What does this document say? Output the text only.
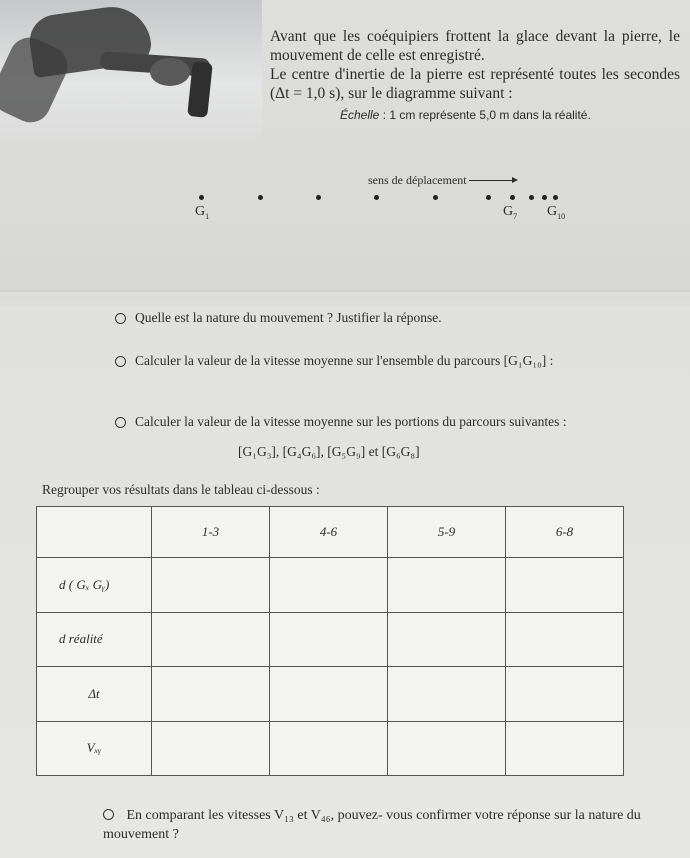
Avant que les coéquipiers frottent la glace devant la pierre, le mouvement de celle est enregistré.

Le centre d'inertie de la pierre est représenté toutes les secondes (Δt = 1,0 s), sur le diagramme suivant :

Échelle : 1 cm représente 5,0 m dans la réalité.
sens de déplacement
$G_1$	$G_7$ $G_{10}$
Quelle est la nature du mouvement ? Justifier la réponse.
Calculer la valeur de la vitesse moyenne sur l'ensemble du parcours [G₁G₁₀] :
Calculer la valeur de la vitesse moyenne sur les portions du parcours suivantes :
[G₁G₃], [G₄G₆], [G₅G₉] et [G₆G₈]
Regrouper vos résultats dans le tableau ci-dessous :
	1-3	4-6	5-9	6-8
d ( Gₓ Gᵧ)				
d réalité				
Δt				
Vₓᵧ				
En comparant les vitesses V₁₃ et V₄₆, pouvez- vous confirmer votre réponse sur la nature du mouvement ?
